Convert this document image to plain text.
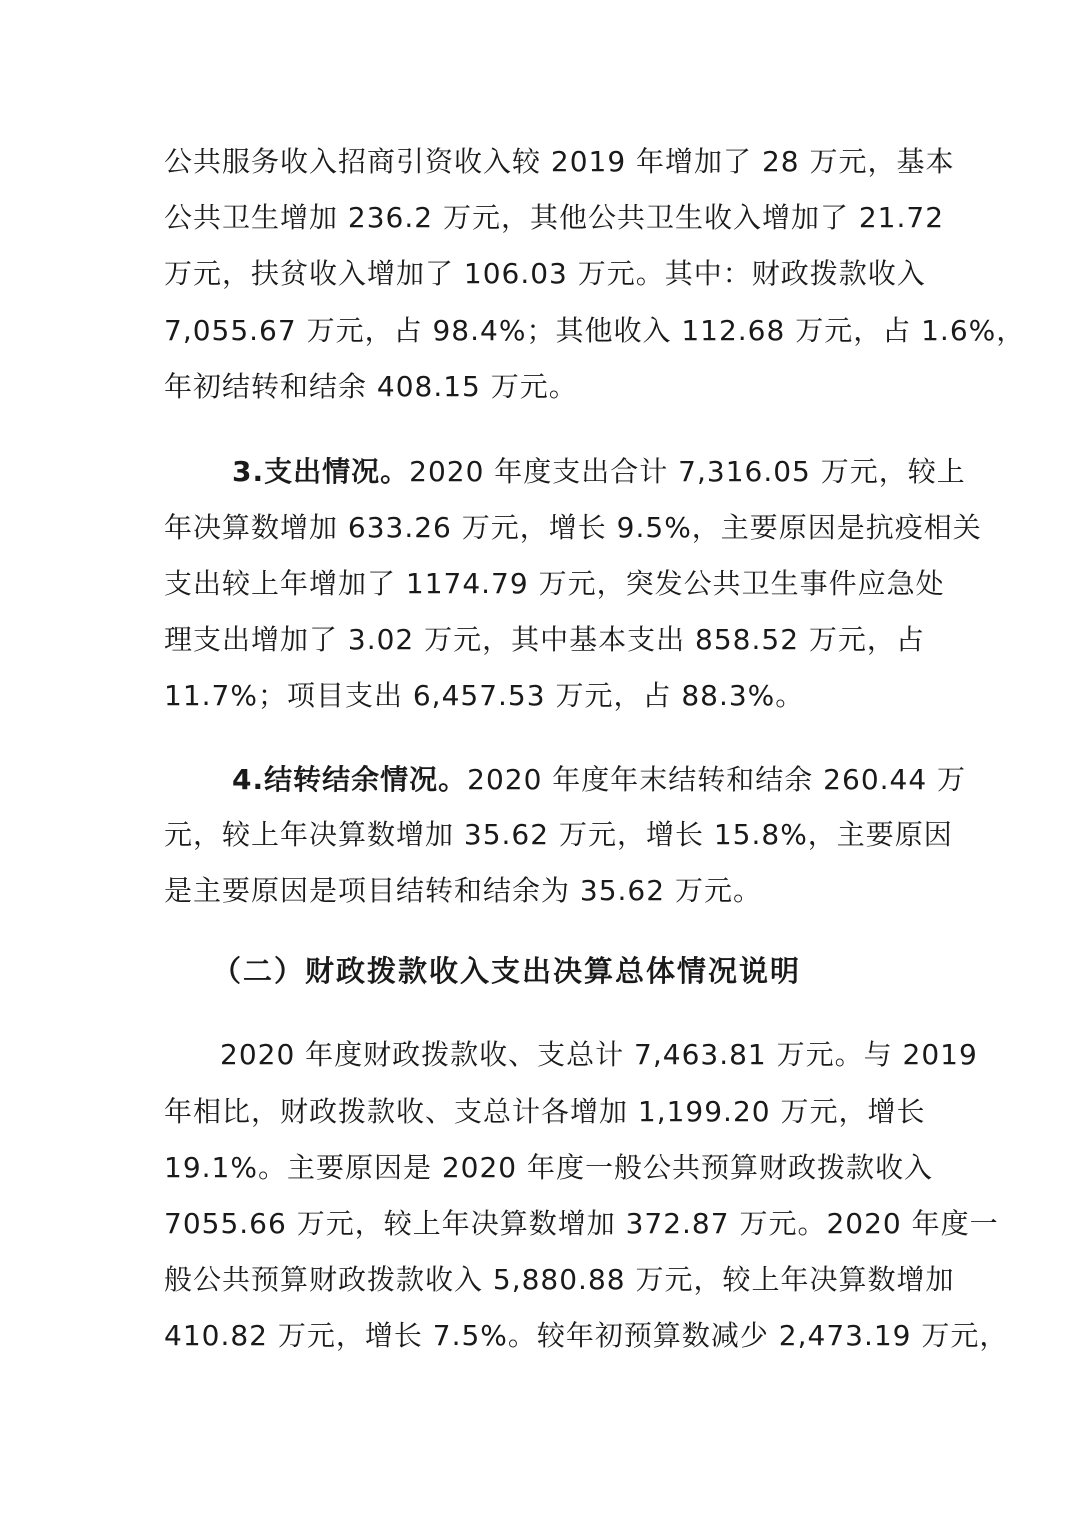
公共服务收入招商引资收入较 2019 年增加了 28 万元，基本
公共卫生增加 236.2 万元，其他公共卫生收入增加了 21.72
万元，扶贫收入增加了 106.03 万元。其中：财政拨款收入
7,055.67 万元，占 98.4%；其他收入 112.68 万元，占 1.6%，
年初结转和结余 408.15 万元。
3.支出情况。2020 年度支出合计 7,316.05 万元，较上
年决算数增加 633.26 万元，增长 9.5%，主要原因是抗疫相关
支出较上年增加了 1174.79 万元，突发公共卫生事件应急处
理支出增加了 3.02 万元，其中基本支出 858.52 万元，占
11.7%；项目支出 6,457.53 万元，占 88.3%。
4.结转结余情况。2020 年度年末结转和结余 260.44 万
元，较上年决算数增加 35.62 万元，增长 15.8%，主要原因
是主要原因是项目结转和结余为 35.62 万元。
（二）财政拨款收入支出决算总体情况说明
2020 年度财政拨款收、支总计 7,463.81 万元。与 2019
年相比，财政拨款收、支总计各增加 1,199.20 万元，增长
19.1%。主要原因是 2020 年度一般公共预算财政拨款收入
7055.66 万元，较上年决算数增加 372.87 万元。2020 年度一
般公共预算财政拨款收入 5,880.88 万元，较上年决算数增加
410.82 万元，增长 7.5%。较年初预算数减少 2,473.19 万元，
